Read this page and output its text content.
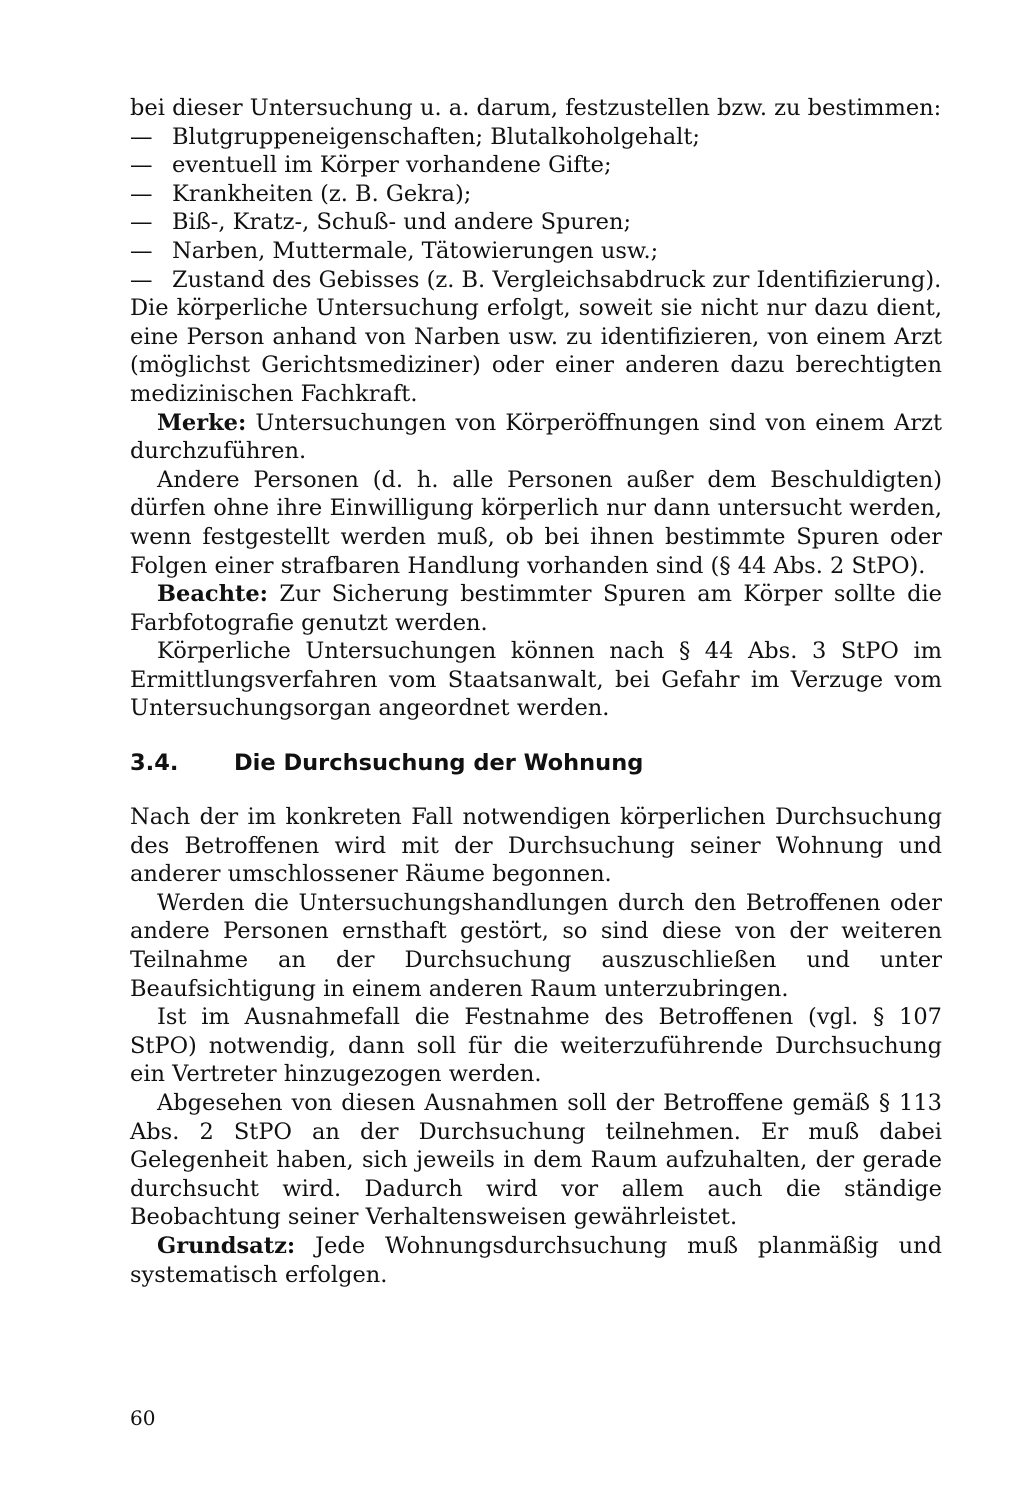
bei dieser Untersuchung u. a. darum, festzustellen bzw. zu bestimmen:

— Blutgruppeneigenschaften; Blutalkoholgehalt;
— eventuell im Körper vorhandene Gifte;
— Krankheiten (z. B. Gekra);
— Biß-, Kratz-, Schuß- und andere Spuren;
— Narben, Muttermale, Tätowierungen usw.;
— Zustand des Gebisses (z. B. Vergleichsabdruck zur Identifizierung).

Die körperliche Untersuchung erfolgt, soweit sie nicht nur dazu dient, eine Person anhand von Narben usw. zu identifizieren, von einem Arzt (möglichst Gerichtsmediziner) oder einer anderen dazu berechtigten medizinischen Fachkraft.

Merke: Untersuchungen von Körperöffnungen sind von einem Arzt durchzuführen.

Andere Personen (d. h. alle Personen außer dem Beschuldigten) dürfen ohne ihre Einwilligung körperlich nur dann untersucht werden, wenn festgestellt werden muß, ob bei ihnen bestimmte Spuren oder Folgen einer strafbaren Handlung vorhanden sind (§ 44 Abs. 2 StPO).

Beachte: Zur Sicherung bestimmter Spuren am Körper sollte die Farbfotografie genutzt werden.

Körperliche Untersuchungen können nach § 44 Abs. 3 StPO im Ermittlungsverfahren vom Staatsanwalt, bei Gefahr im Verzuge vom Untersuchungsorgan angeordnet werden.

3.4.	Die Durchsuchung der Wohnung

Nach der im konkreten Fall notwendigen körperlichen Durchsuchung des Betroffenen wird mit der Durchsuchung seiner Wohnung und anderer umschlossener Räume begonnen.

Werden die Untersuchungshandlungen durch den Betroffenen oder andere Personen ernsthaft gestört, so sind diese von der weiteren Teilnahme an der Durchsuchung auszuschließen und unter Beaufsichtigung in einem anderen Raum unterzubringen.

Ist im Ausnahmefall die Festnahme des Betroffenen (vgl. § 107 StPO) notwendig, dann soll für die weiterzuführende Durchsuchung ein Vertreter hinzugezogen werden.

Abgesehen von diesen Ausnahmen soll der Betroffene gemäß § 113 Abs. 2 StPO an der Durchsuchung teilnehmen. Er muß dabei Gelegenheit haben, sich jeweils in dem Raum aufzuhalten, der gerade durchsucht wird. Dadurch wird vor allem auch die ständige Beobachtung seiner Verhaltensweisen gewährleistet.

Grundsatz: Jede Wohnungsdurchsuchung muß planmäßig und systematisch erfolgen.

60
